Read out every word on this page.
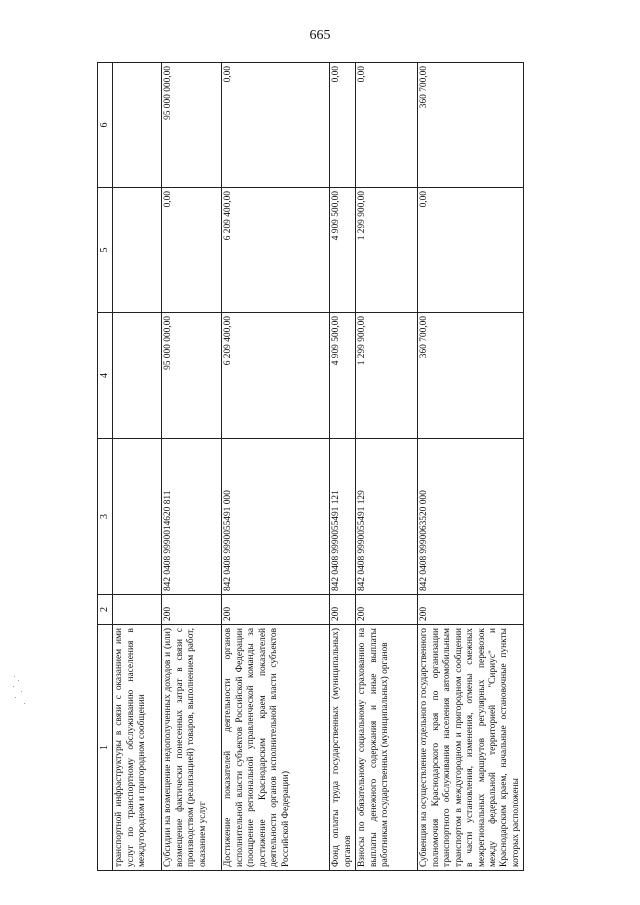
665
1	2	3	4	5	6
транспортной инфраструктуры в связи с оказанием ими услуг по транспортному обслуживанию населения в междугородном и пригородном сообщении					
Субсидии на возмещение недополученных доходов и (или) возмещение фактически понесенных затрат в связи с производством (реализацией) товаров, выполнением работ, оказанием услуг	200	842 0408 9990014620 811	95 000 000,00	0,00	95 000 000,00
Достижение показателей деятельности органов исполнительной власти субъектов Российской Федерации (поощрение региональной управленческой команды за достижение Краснодарским краем показателей деятельности органов исполнительной власти субъектов Российской Федерации)	200	842 0408 9990055491 000	6 209 400,00	6 209 400,00	0,00
Фонд оплаты труда государственных (муниципальных) органов	200	842 0408 9990055491 121	4 909 500,00	4 909 500,00	0,00
Взносы по обязательному социальному страхованию на выплаты денежного содержания и иные выплаты работникам государственных (муниципальных) органов	200	842 0408 9990055491 129	1 299 900,00	1 299 900,00	0,00
Субвенция на осуществление отдельного государственного полномочия Краснодарского края по организации транспортного обслуживания населения автомобильным транспортом в междугородном и пригородном сообщении в части установления, изменения, отмены смежных межрегиональных маршрутов регулярных перевозок между федеральной территорией "Сириус" и Краснодарским краем, начальные остановочные пункты которых расположены	200	842 0408 9990063520 000	360 700,00	0,00	360 700,00
